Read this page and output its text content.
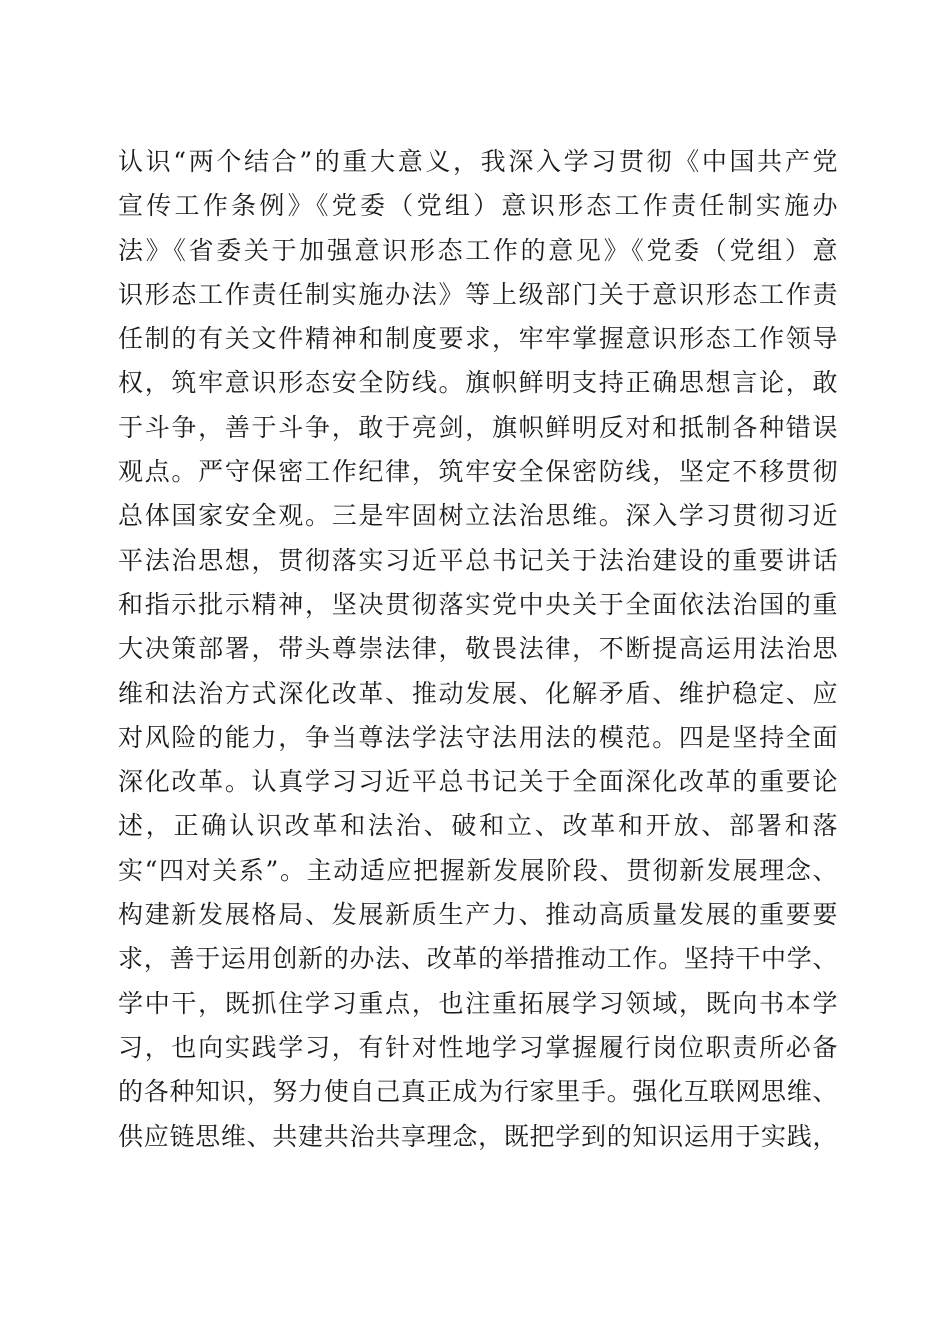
认识“两个结合”的重大意义，我深入学习贯彻《中国共产党
宣传工作条例》《党委（党组）意识形态工作责任制实施办
法》《省委关于加强意识形态工作的意见》《党委（党组）意
识形态工作责任制实施办法》等上级部门关于意识形态工作责
任制的有关文件精神和制度要求，牢牢掌握意识形态工作领导
权，筑牢意识形态安全防线。旗帜鲜明支持正确思想言论，敢
于斗争，善于斗争，敢于亮剑，旗帜鲜明反对和抵制各种错误
观点。严守保密工作纪律，筑牢安全保密防线，坚定不移贯彻
总体国家安全观。三是牢固树立法治思维。深入学习贯彻习近
平法治思想，贯彻落实习近平总书记关于法治建设的重要讲话
和指示批示精神，坚决贯彻落实党中央关于全面依法治国的重
大决策部署，带头尊崇法律，敬畏法律，不断提高运用法治思
维和法治方式深化改革、推动发展、化解矛盾、维护稳定、应
对风险的能力，争当尊法学法守法用法的模范。四是坚持全面
深化改革。认真学习习近平总书记关于全面深化改革的重要论
述，正确认识改革和法治、破和立、改革和开放、部署和落
实“四对关系”。主动适应把握新发展阶段、贯彻新发展理念、
构建新发展格局、发展新质生产力、推动高质量发展的重要要
求，善于运用创新的办法、改革的举措推动工作。坚持干中学、
学中干，既抓住学习重点，也注重拓展学习领域，既向书本学
习，也向实践学习，有针对性地学习掌握履行岗位职责所必备
的各种知识，努力使自己真正成为行家里手。强化互联网思维、
供应链思维、共建共治共享理念，既把学到的知识运用于实践，
